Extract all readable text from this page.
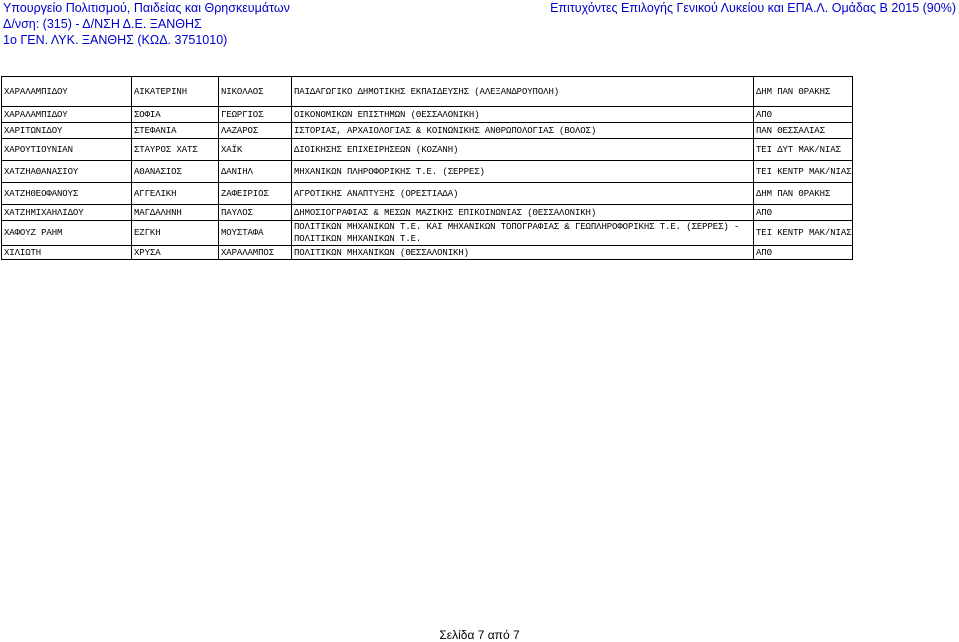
Υπουργείο Πολιτισμού, Παιδείας και Θρησκευμάτων
Δ/νση: (315) - Δ/ΝΣΗ Δ.Ε. ΞΑΝΘΗΣ
1ο ΓΕΝ. ΛΥΚ. ΞΑΝΘΗΣ (ΚΩΔ. 3751010)
Επιτυχόντες Επιλογής Γενικού Λυκείου και ΕΠΑ.Λ. Ομάδας Β 2015 (90%)
ΧΑΡΑΛΑΜΠΙΔΟΥ	ΑΙΚΑΤΕΡΙΝΗ	ΝΙΚΟΛΑΟΣ	ΠΑΙΔΑΓΩΓΙΚΟ ΔΗΜΟΤΙΚΗΣ ΕΚΠΑΙΔΕΥΣΗΣ (ΑΛΕΞΑΝΔΡΟΥΠΟΛΗ)	ΔΗΜ ΠΑΝ ΘΡΑΚΗΣ
ΧΑΡΑΛΑΜΠΙΔΟΥ	ΣΟΦΙΑ	ΓΕΩΡΓΙΟΣ	ΟΙΚΟΝΟΜΙΚΩΝ ΕΠΙΣΤΗΜΩΝ (ΘΕΣΣΑΛΟΝΙΚΗ)	ΑΠΘ
ΧΑΡΙΤΩΝΙΔΟΥ	ΣΤΕΦΑΝΙΑ	ΛΑΖΑΡΟΣ	ΙΣΤΟΡΙΑΣ, ΑΡΧΑΙΟΛΟΓΙΑΣ & ΚΟΙΝΩΝΙΚΗΣ ΑΝΘΡΩΠΟΛΟΓΙΑΣ (ΒΟΛΟΣ)	ΠΑΝ ΘΕΣΣΑΛΙΑΣ
ΧΑΡΟΥΤΙΟΥΝΙΑΝ	ΣΤΑΥΡΟΣ ΧΑΤΣ	ΧΑΪΚ	ΔΙΟΙΚΗΣΗΣ ΕΠΙΧΕΙΡΗΣΕΩΝ (ΚΟΖΑΝΗ)	ΤΕΙ ΔΥΤ ΜΑΚ/ΝΙΑΣ
ΧΑΤΖΗΑΘΑΝΑΣΙΟΥ	ΑΘΑΝΑΣΙΟΣ	ΔΑΝΙΗΛ	ΜΗΧΑΝΙΚΩΝ ΠΛΗΡΟΦΟΡΙΚΗΣ Τ.Ε. (ΣΕΡΡΕΣ)	ΤΕΙ ΚΕΝΤΡ ΜΑΚ/ΝΙΑΣ
ΧΑΤΖΗΘΕΟΦΑΝΟΥΣ	ΑΓΓΕΛΙΚΗ	ΖΑΦΕΙΡΙΟΣ	ΑΓΡΟΤΙΚΗΣ ΑΝΑΠΤΥΞΗΣ (ΟΡΕΣΤΙΑΔΑ)	ΔΗΜ ΠΑΝ ΘΡΑΚΗΣ
ΧΑΤΖΗΜΙΧΑΗΛΙΔΟΥ	ΜΑΓΔΑΛΗΝΗ	ΠΑΥΛΟΣ	ΔΗΜΟΣΙΟΓΡΑΦΙΑΣ & ΜΕΣΩΝ ΜΑΖΙΚΗΣ ΕΠΙΚΟΙΝΩΝΙΑΣ (ΘΕΣΣΑΛΟΝΙΚΗ)	ΑΠΘ
ΧΑΦΟΥΖ ΡΑΗΜ	ΕΖΓΚΗ	ΜΟΥΣΤΑΦΑ	ΠΟΛΙΤΙΚΩΝ ΜΗΧΑΝΙΚΩΝ Τ.Ε. ΚΑΙ ΜΗΧΑΝΙΚΩΝ ΤΟΠΟΓΡΑΦΙΑΣ & ΓΕΩΠΛΗΡΟΦΟΡΙΚΗΣ Τ.Ε. (ΣΕΡΡΕΣ) - ΠΟΛΙΤΙΚΩΝ ΜΗΧΑΝΙΚΩΝ Τ.Ε.	ΤΕΙ ΚΕΝΤΡ ΜΑΚ/ΝΙΑΣ
ΧΙΛΙΩΤΗ	ΧΡΥΣΑ	ΧΑΡΑΛΑΜΠΟΣ	ΠΟΛΙΤΙΚΩΝ ΜΗΧΑΝΙΚΩΝ (ΘΕΣΣΑΛΟΝΙΚΗ)	ΑΠΘ
Σελίδα 7 από 7
